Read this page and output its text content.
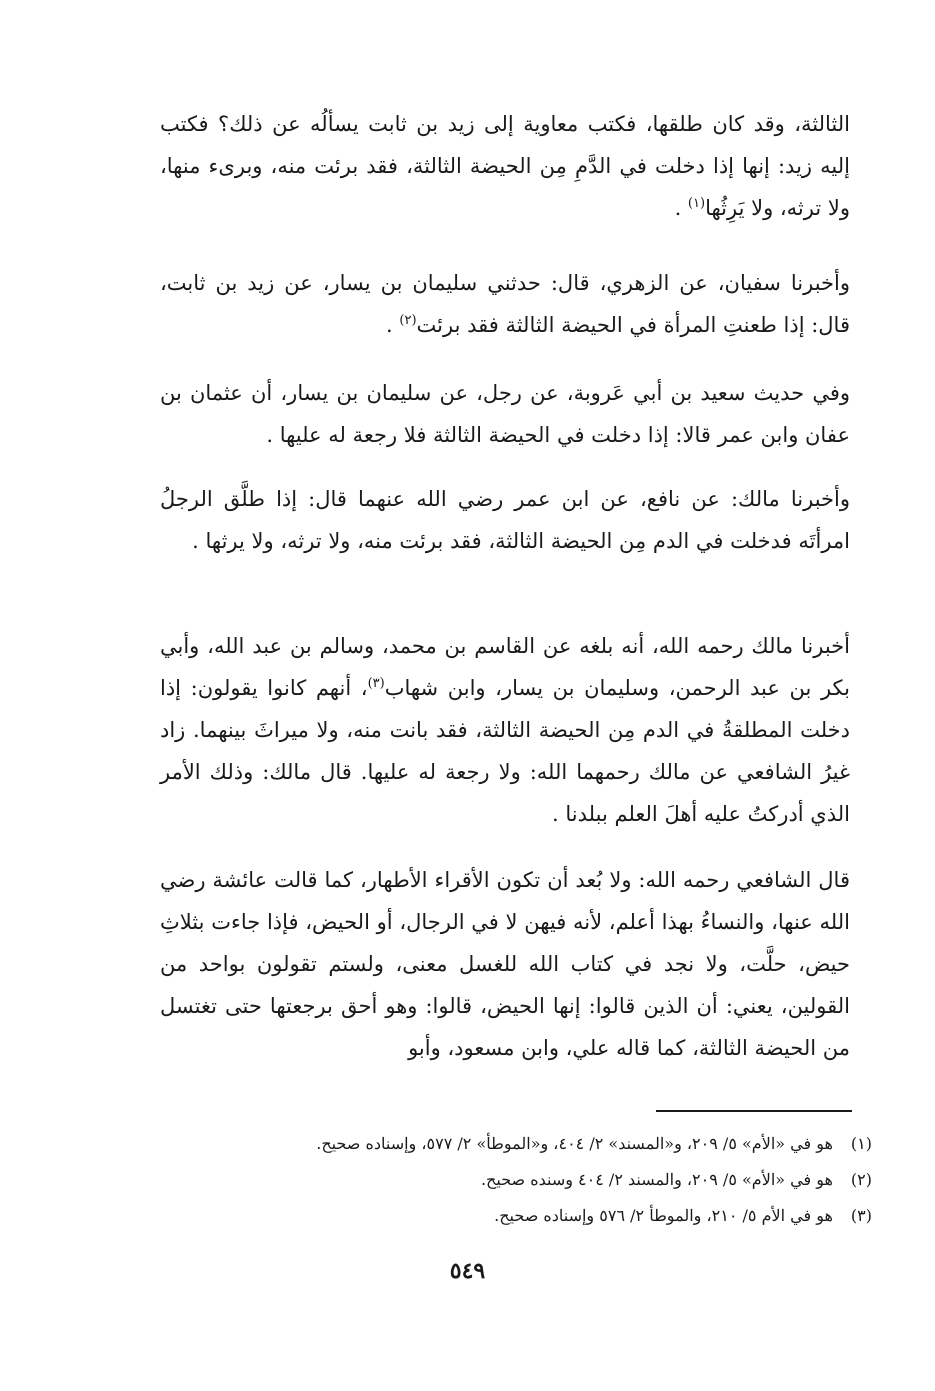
الثالثة، وقد كان طلقها، فكتب معاوية إلى زيد بن ثابت يسألُه عن ذلك؟ فكتب إليه زيد: إنها إذا دخلت في الدَّمِ مِن الحيضة الثالثة، فقد برئت منه، وبرىء منها، ولا ترثه، ولا يَرِثُها$^{(١)}$ .

وأخبرنا سفيان، عن الزهري، قال: حدثني سليمان بن يسار، عن زيد بن ثابت، قال: إذا طعنتِ المرأة في الحيضة الثالثة فقد برئت$^{(٢)}$ .

وفي حديث سعيد بن أبي عَروبة، عن رجل، عن سليمان بن يسار، أن عثمان بن عفان وابن عمر قالا: إذا دخلت في الحيضة الثالثة فلا رجعة له عليها .

وأخبرنا مالك: عن نافع، عن ابن عمر رضي الله عنهما قال: إذا طلَّق الرجلُ امرأتَه فدخلت في الدم مِن الحيضة الثالثة، فقد برئت منه، ولا ترثه، ولا يرثها .

أخبرنا مالك رحمه الله، أنه بلغه عن القاسم بن محمد، وسالم بن عبد الله، وأبي بكر بن عبد الرحمن، وسليمان بن يسار، وابن شهاب$^{(٣)}$، أنهم كانوا يقولون: إذا دخلت المطلقةُ في الدم مِن الحيضة الثالثة، فقد بانت منه، ولا ميراثَ بينهما. زاد غيرُ الشافعي عن مالك رحمهما الله: ولا رجعة له عليها. قال مالك: وذلك الأمر الذي أدركتُ عليه أهلَ العلم ببلدنا .

قال الشافعي رحمه الله: ولا بُعد أن تكون الأقراء الأطهار، كما قالت عائشة رضي الله عنها، والنساءُ بهذا أعلم، لأنه فيهن لا في الرجال، أو الحيض، فإذا جاءت بثلاثِ حيض، حلَّت، ولا نجد في كتاب الله للغسل معنى، ولستم تقولون بواحد من القولين، يعني: أن الذين قالوا: إنها الحيض، قالوا: وهو أحق برجعتها حتى تغتسل من الحيضة الثالثة، كما قاله علي، وابن مسعود، وأبو

(١)هو في «الأم» ٥/ ٢٠٩، و«المسند» ٢/ ٤٠٤، و«الموطأ» ٢/ ٥٧٧، وإسناده صحيح.
(٢)هو في «الأم» ٥/ ٢٠٩، والمسند ٢/ ٤٠٤ وسنده صحيح.
(٣)هو في الأم ٥/ ٢١٠، والموطأ ٢/ ٥٧٦ وإسناده صحيح.
٥٤٩
